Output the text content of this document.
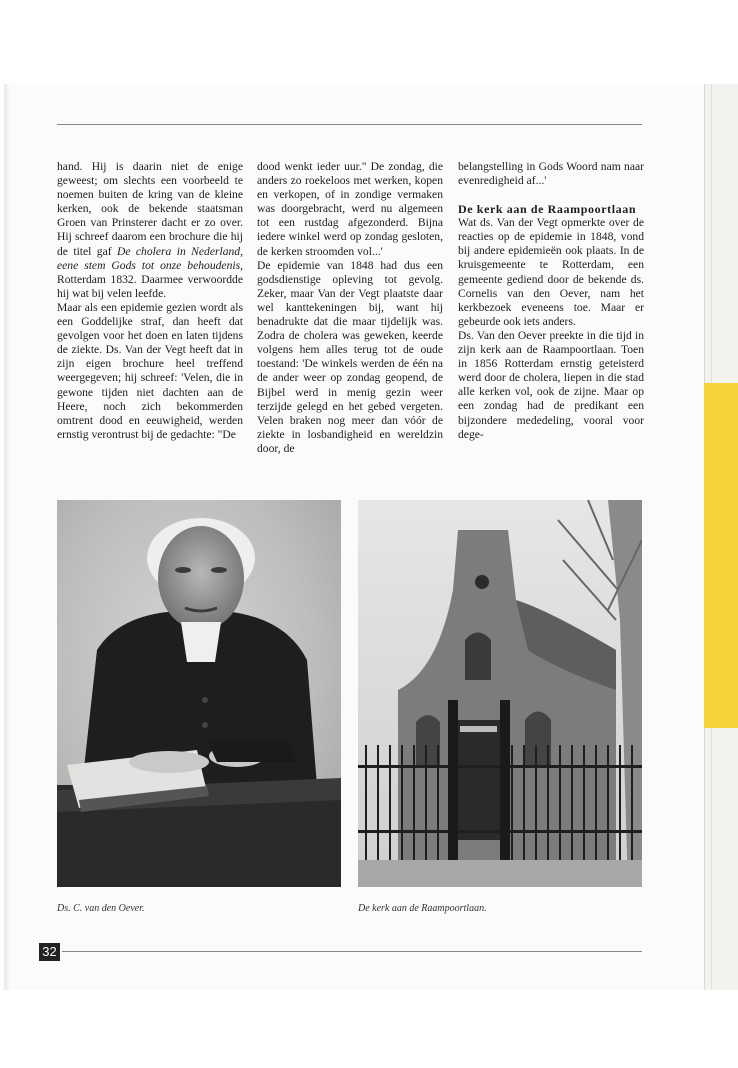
hand. Hij is daarin niet de enige geweest; om slechts een voorbeeld te noemen buiten de kring van de kleine kerken, ook de bekende staatsman Groen van Prinsterer dacht er zo over. Hij schreef daarom een brochure die hij de titel gaf De cholera in Nederland, eene stem Gods tot onze behoudenis, Rotterdam 1832. Daarmee verwoordde hij wat bij velen leefde.

Maar als een epidemie gezien wordt als een Goddelijke straf, dan heeft dat gevolgen voor het doen en laten tijdens de ziekte. Ds. Van der Vegt heeft dat in zijn eigen brochure heel treffend weergegeven; hij schreef: 'Velen, die in gewone tijden niet dachten aan de Heere, noch zich bekommerden omtrent dood en eeuwigheid, werden ernstig verontrust bij de gedachte: "De

dood wenkt ieder uur." De zondag, die anders zo roekeloos met werken, kopen en verkopen, of in zondige vermaken was doorgebracht, werd nu algemeen tot een rustdag afgezonderd. Bijna iedere winkel werd op zondag gesloten, de kerken stroomden vol...'

De epidemie van 1848 had dus een godsdienstige opleving tot gevolg. Zeker, maar Van der Vegt plaatste daar wel kanttekeningen bij, want hij benadrukte dat die maar tijdelijk was. Zodra de cholera was geweken, keerde volgens hem alles terug tot de oude toestand: 'De winkels werden de één na de ander weer op zondag geopend, de Bijbel werd in menig gezin weer terzijde gelegd en het gebed vergeten. Velen braken nog meer dan vóór de ziekte in losbandigheid en wereldzin door, de

belangstelling in Gods Woord nam naar evenredigheid af...'

De kerk aan de Raampoortlaan

Wat ds. Van der Vegt opmerkte over de reacties op de epidemie in 1848, vond bij andere epidemieën ook plaats. In de kruisgemeente te Rotterdam, een gemeente gediend door de bekende ds. Cornelis van den Oever, nam het kerkbezoek eveneens toe. Maar er gebeurde ook iets anders.

Ds. Van den Oever preekte in die tijd in zijn kerk aan de Raampoortlaan. Toen in 1856 Rotterdam ernstig geteisterd werd door de cholera, liepen in die stad alle kerken vol, ook de zijne. Maar op een zondag had de predikant een bijzondere mededeling, vooral voor dege-

Ds. C. van den Oever.	De kerk aan de Raampoortlaan.
32
